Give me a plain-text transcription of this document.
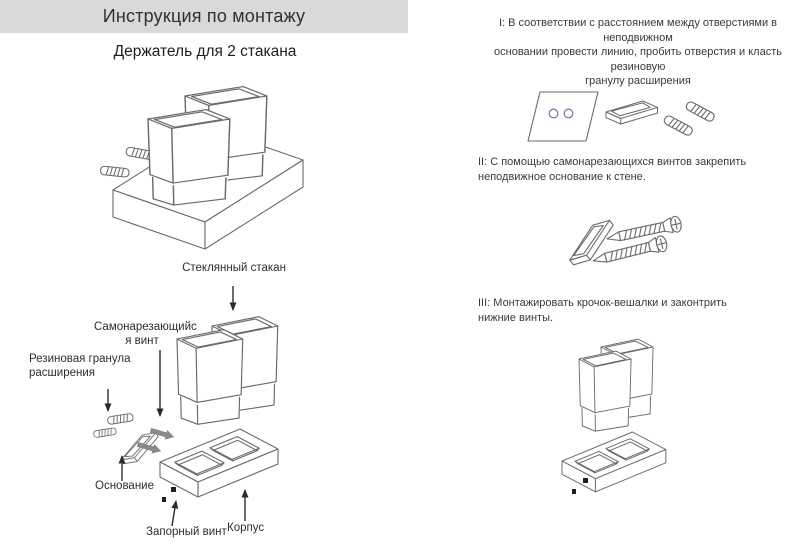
Инструкция по монтажу
Держатель для 2 стакана
Стеклянный стакан
Самонарезающийс
я винт
Резиновая гранула
расширения
Основание
Запорный винт Корпус
I: В соответствии с расстоянием между отверстиями в неподвижном
основании провести линию, пробить отверстия и класть резиновую
гранулу расширения
II: С помощью самонарезающихся винтов закрепить
неподвижное основание к стене.
III: Монтажировать крочок-вешалки и законтрить
нижние винты.
